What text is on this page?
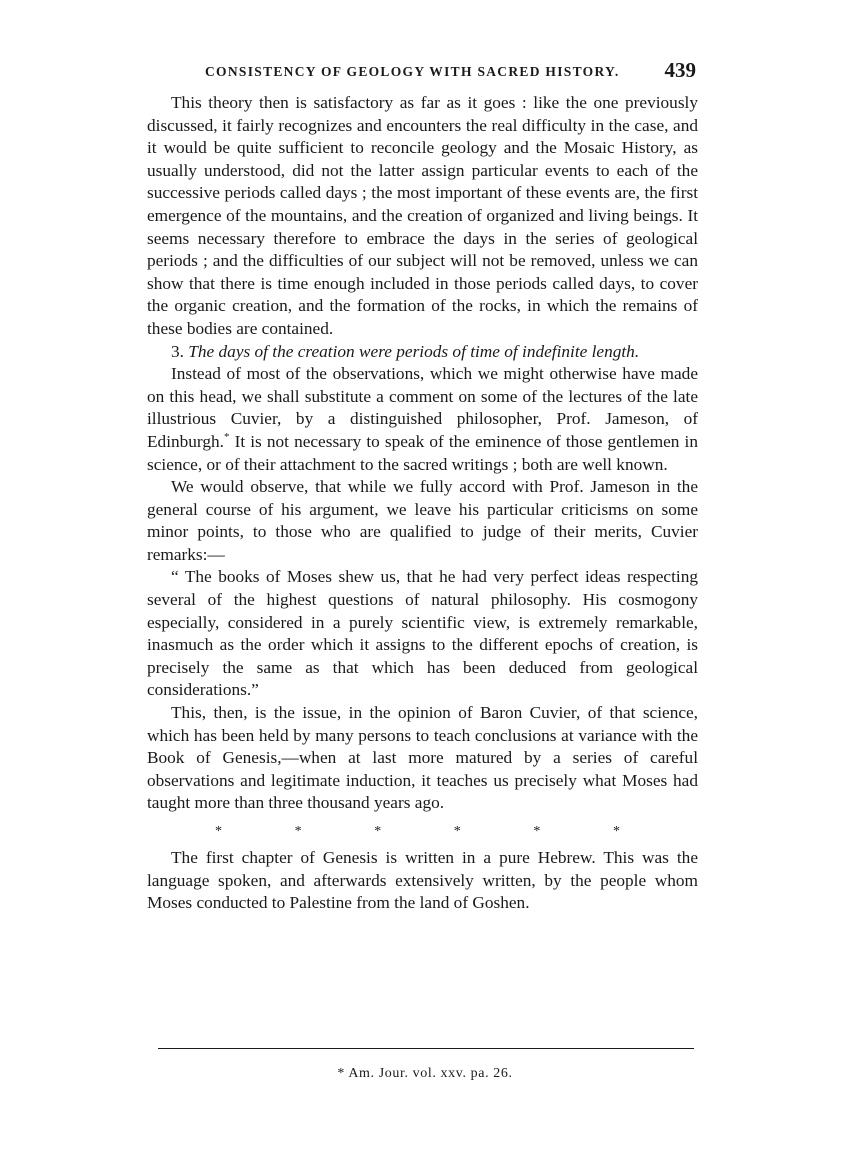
CONSISTENCY OF GEOLOGY WITH SACRED HISTORY. 439

This theory then is satisfactory as far as it goes : like the one previously discussed, it fairly recognizes and encounters the real difficulty in the case, and it would be quite sufficient to reconcile geology and the Mosaic History, as usually understood, did not the latter assign particular events to each of the successive periods called days ; the most important of these events are, the first emergence of the mountains, and the creation of organized and living beings. It seems necessary therefore to embrace the days in the series of geological periods ; and the difficulties of our subject will not be removed, unless we can show that there is time enough included in those periods called days, to cover the organic creation, and the formation of the rocks, in which the remains of these bodies are contained.

3. The days of the creation were periods of time of indefinite length.

Instead of most of the observations, which we might otherwise have made on this head, we shall substitute a comment on some of the lectures of the late illustrious Cuvier, by a distinguished philosopher, Prof. Jameson, of Edinburgh.* It is not necessary to speak of the eminence of those gentlemen in science, or of their attachment to the sacred writings ; both are well known.

We would observe, that while we fully accord with Prof. Jameson in the general course of his argument, we leave his particular criticisms on some minor points, to those who are qualified to judge of their merits, Cuvier remarks:—

“ The books of Moses shew us, that he had very perfect ideas respecting several of the highest questions of natural philosophy. His cosmogony especially, considered in a purely scientific view, is extremely remarkable, inasmuch as the order which it assigns to the different epochs of creation, is precisely the same as that which has been deduced from geological considerations.”

This, then, is the issue, in the opinion of Baron Cuvier, of that science, which has been held by many persons to teach conclusions at variance with the Book of Genesis,—when at last more matured by a series of careful observations and legitimate induction, it teaches us precisely what Moses had taught more than three thousand years ago.

*	*	*	*	*	*

The first chapter of Genesis is written in a pure Hebrew. This was the language spoken, and afterwards extensively written, by the people whom Moses conducted to Palestine from the land of Goshen.

* Am. Jour. vol. xxv. pa. 26.
